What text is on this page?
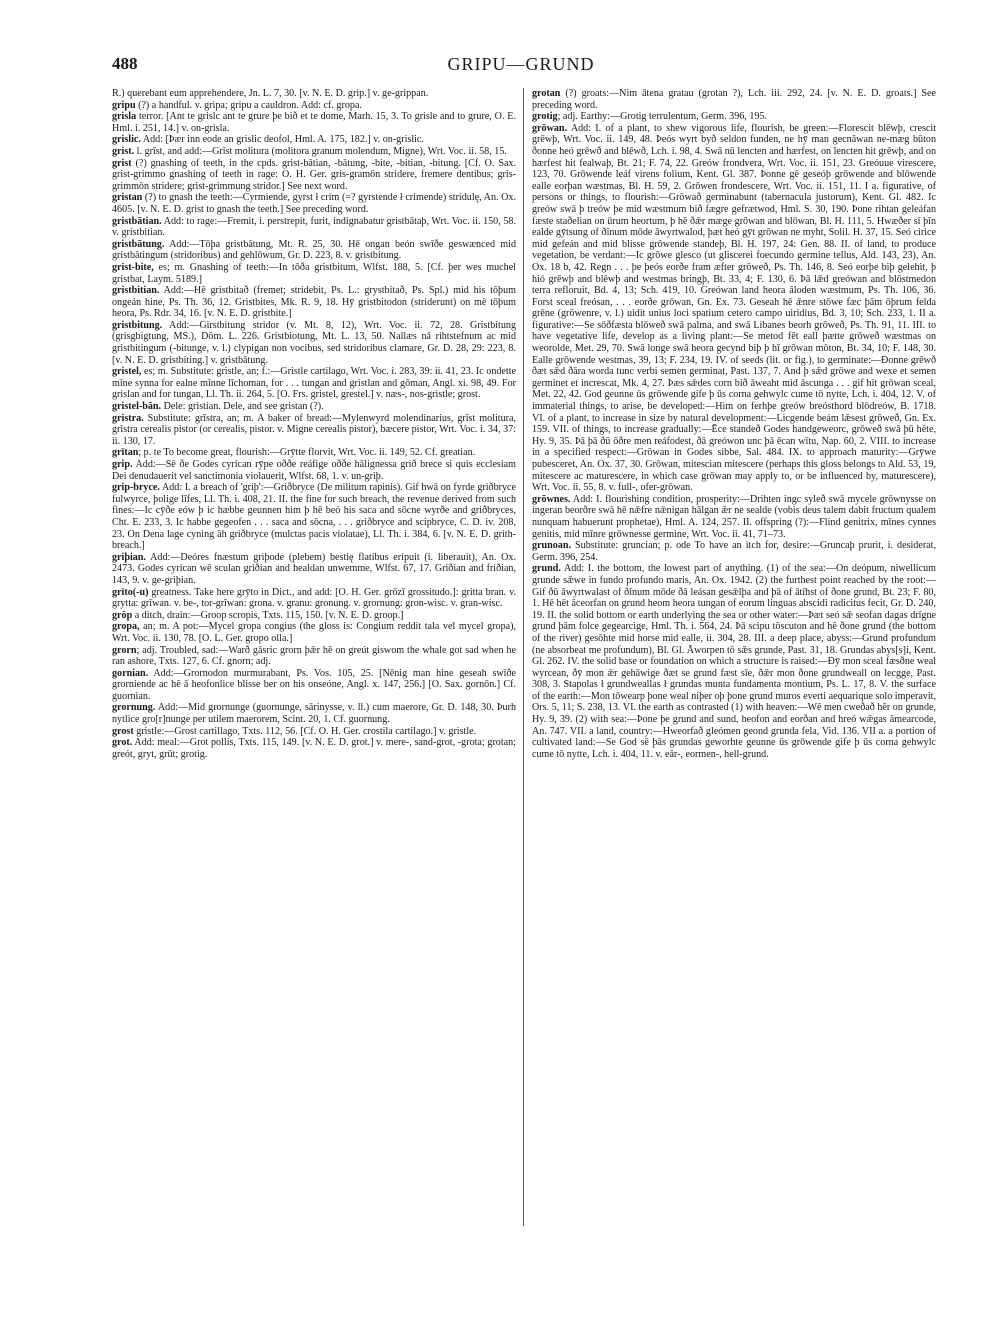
488	GRIPU—GRUND

R.) querebant eum apprehendere, Jn. L. 7, 30. [v. N. E. D. grip.] v. ge-grippan.

gripu (?) a handful. v. gripa; gripu a cauldron. Add: cf. gropa.

grisla terror. [Ant te grislc ant te grure þe bið et te dome, Marh. 15, 3. To grisle and to grure, O. E. Hml. i. 251, 14.] v. on-grisla.

grislic. Add: [Þær inn eode an grislic deofol, Hml. A. 175, 182.] v. on-grislic.

grist. l. grīst, and add:—Grīst molitura (molitora granum molendum, Migne), Wrt. Voc. ii. 58, 15.

grist (?) gnashing of teeth, in the cpds. grist-bātian, -bātung, -bite, -bitian, -bitung. [Cf. O. Sax. grist-grimmo gnashing of teeth in rage: O. H. Ger. gris-gramōn stridere, fremere dentibus; gris-grimmōn stridere; grist-grimmung stridor.] See next word.

gristan (?) to gnash the teeth:—Cyrmiende, gyrst ł crim (=? gyrstende ł crimende) stridulę, An. Ox. 4605. [v. N. E. D. grist to gnash the teeth.] See preceding word.

gristbātian. Add: to rage:—Fremit, i. perstrepit, furit, indignabatur gristbātaþ, Wrt. Voc. ii. 150, 58. v. gristbitian.

gristbātung. Add:—Tōþa gristbātung, Mt. R. 25, 30. Hē ongan beón swīðe geswænced mid gristbātingum (stridoribus) and gehlōwum, Gr. D. 223, 8. v. gristbitung.

grist-bite, es; m. Gnashing of teeth:—In tōða gristbitum, Wlfst. 188, 5. [Cf. þer wes muchel gristbat, Laym. 5189.]

gristbitian. Add:—Hē gristbitað (fremet; stridebit, Ps. L.: grystbitað, Ps. Spl.) mid his tōþum ongeán hine, Ps. Th. 36, 12. Gristbites, Mk. R. 9, 18. Hȳ gristbitodon (striderunt) on mē tōþum heora, Ps. Rdr. 34, 16. [v. N. E. D. gristbite.]

gristbitung. Add:—Girstbitung stridor (v. Mt. 8, 12), Wrt. Voc. ii. 72, 28. Gristbitung (grisgbigtung, MS.), Dōm. L. 226. Gristbiotung, Mt. L. 13, 50. Nallæs nā rihtstefnum ac mid gristbitingum (-bitunge, v. l.) clypigan non vocibus, sed stridoribus clamare, Gr. D. 28, 29: 223, 8. [v. N. E. D. gristbiting.] v. gristbātung.

gristel, es; m. Substitute: gristle, an; f.:—Gristle cartilago, Wrt. Voc. i. 283, 39: ii. 41, 23. Ic ondette mīne synna for ealne mīnne līchoman, for . . . tungan and gristlan and gōman, Angl. xi. 98, 49. For grislan and for tungan, Ll. Th. ii. 264, 5. [O. Frs. gristel, grestel.] v. næs-, nos-gristle; grost.

gristel-bān. Dele: gristian. Dele, and see gristan (?).

gristra. Substitute: grīstra, an; m. A baker of bread:—Mylenwyrd molendinarius, grīst molitura, grīstra cerealis pistor (or cerealis, pistor. v. Migne cerealis pistor), bæcere pistor, Wrt. Voc. i. 34, 37: ii. 130, 17.

grītan; p. te To become great, flourish:—Grȳtte florvit, Wrt. Voc. ii. 149, 52. Cf. greatian.

grip. Add:—Sē ðe Godes cyrican rȳpe oððe reáfige oððe hālignessa grið brece si quis ecclesiam Dei denudauerit vel sanctimonia violauerit, Wlfst. 68, 1. v. un-griþ.

grip-bryce. Add: I. a breach of 'griþ':—Griðbryce (De militum rapinis). Gif hwā on fyrde griðbryce fulwyrce, þolige līfes, Ll. Th. i. 408, 21. II. the fine for such breach, the revenue derived from such fines:—Ic cȳðe eów þ ic hæbbe geunnen him þ hē beó his saca and sōcne wyrðe and griðbryces, Cht. E. 233, 3. Ic habbe gegeofen . . . saca and sōcna, . . . griðbryce and scipbryce, C. D. iv. 208, 23. On Dena lage cyning āh griðbryce (mulctas pacis violatae), Ll. Th. i. 384, 6. [v. N. E. D. grith-breach.]

griþian. Add:—Deóres fnæstum griþode (plebem) bestię flatibus eripuit (i. liberauit), An. Ox. 2473. Godes cyrican wē sculan griðian and healdan unwemme, Wlfst. 67, 17. Griðian and friðian, 143, 9. v. ge-griþian.

grīto(-u) greatness. Take here grȳto in Dict., and add: [O. H. Ger. grōzī grossitudo.]: gritta bran. v. grytta: grīwan. v. be-, tor-grīwan: grona. v. granu: gronung. v. grornung: gron-wisc. v. gran-wisc.

grōp a ditch, drain:—Groop scropis, Txts. 115, 150. [v. N. E. D. groop.]

gropa, an; m. A pot:—Mycel gropa congius (the gloss is: Congium reddit tala vel mycel gropa), Wrt. Voc. ii. 130, 78. [O. L. Ger. gropo olla.]

grorn; adj. Troubled, sad:—Warð gāsric grorn þǣr hē on greút giswom the whale got sad when he ran ashore, Txts. 127, 6. Cf. gnorn; adj.

gornian. Add:—Grornodon murmurabant, Ps. Vos. 105, 25. [Nēnig man hine geseah swīðe grorniende ac hē ā heofonlice blisse ber on his onseóne, Angl. x. 147, 256.] [O. Sax. gornōn.] Cf. guornian.

grornung. Add:—Mid grornunge (guornunge, sārinysse, v. ll.) cum maerore, Gr. D. 148, 30. Þurh nytlice gro[r]nunge per utilem maerorem, Scint. 20, 1. Cf. guornung.

grost gristle:—Grost cartillago, Txts. 112, 56. [Cf. O. H. Ger. crostila cartilago.] v. gristle.

grot. Add: meal:—Grot pollis, Txts. 115, 149. [v. N. E. D. grot.] v. mere-, sand-grot, -grota; grotan; greót, gryt, grūt; grotig.

grotan (?) groats:—Nim ātena gratau (grotan ?), Lch. iii. 292, 24. [v. N. E. D. groats.] See preceding word.

grotig; adj. Earthy:—Grotig terrulentum, Germ. 396, 195.

grōwan. Add: I. of a plant, to shew vigorous life, flourish, be green:—Florescit blēwþ, crescit grēwþ, Wrt. Voc. ii. 149, 48. Þeós wyrt byð seldon funden, ne hȳ man gecnāwan ne-mæg būton ðonne heó grēwð and blēwð, Lch. i. 98, 4. Swā nū lencten and hærfest, on lencten hit grēwþ, and on hærfest hit fealwaþ, Bt. 21; F. 74, 22. Greów frondvera, Wrt. Voc. ii. 151, 23. Greóuue virescere, 123, 70. Grōwende leáf virens folium, Kent. Gl. 387. Þonne gē geseóþ grōwende and blōwende ealle eorþan wæstmas, Bl. H. 59, 2. Grōwen frondescere, Wrt. Voc. ii. 151, 11. I a. figurative, of persons or things, to flourish:—Grōwað germinabunt (tabernacula justorum), Kent. Gl. 482. Ic greów swā þ treów þe mid wæstmum bið fægre gefrætwod, Hml. S. 30, 190. Þone rihtan geleáfan fæste staðelian on ūrum heortum, þ hē ðǣr mæge grōwan and blōwan, Bl. H. 111, 5. Hwæðer sī þīn ealde gȳtsung of ðīnum mōde āwyrtwalod, þæt heó gȳt grōwan ne myht, Solil. H. 37, 15. Seó cirice mid gefeán and mid blisse grōwende standeþ, Bl. H. 197, 24: Gen. 88. II. of land, to produce vegetation, be verdant:—Ic grōwe glesco (ut gliscerei foecundo germine tellus, Ald. 143, 23), An. Ox. 18 b, 42. Regn . . . þe þeós eorðe fram æfter grōweð, Ps. Th. 146, 8. Seó eorþe biþ gelehit, þ hió grēwþ and blēwþ and westmas bringþ, Bt. 33, 4; F. 130, 6. Þā lǣd greówan and blōstmedon terra refloruit, Bd. 4, 13; Sch. 419, 10. Greówan land heora āloden wæstmum, Ps. Th. 106, 36. Forst sceal freósan, . . . eorðe grōwan, Gn. Ex. 73. Geseah hē ǣnre stōwe fæc þām ōþrum felda grēne (grōwenre, v. l.) uidit unius loci spatium cetero campo uiridius, Bd. 3, 10; Sch. 233, 1. II a. figurative:—Se sōðfæsta blōweð swā palma, and swā Libanes beorh grōweð, Ps. Th. 91, 11. III. to have vegetative life, develop as a living plant:—Se metod fēt eall þætte grōweð wæstmas on weorolde, Met. 29, 70. Swā longe swā heora gecynd biþ þ hī grōwan mōton, Bt. 34, 10; F. 148, 30. Ealle grōwende westmas, 39, 13; F. 234, 19. IV. of seeds (lit. or fig.), to germinate:—Ðonne grēwð ðæt sǣd ðāra worda tunc verbi semen germinat, Past. 137, 7. And þ sǣd grōwe and wexe et semen germinet et increscat, Mk. 4, 27. Þæs sǣdes corn bið āweaht mid āscunga . . . gif hit grōwan sceal, Met. 22, 42. God geunne ūs grōwende gife þ ūs corna gehwylc cume tō nytte, Lch. i. 404, 12. V. of immaterial things, to arise, be developed:—Him on ferhþe greów breósthord blōdreów, B. 1718. VI. of a plant, to increase in size by natural development:—Licgende beám lǣsest grōweð, Gn. Ex. 159. VII. of things, to increase gradually:—Ēce standeð Godes handgeweorc, grōweð swā þū hēte, Hy. 9, 35. Þā þā ðū ōðre men reáfodest, ðā greówon unc þā ēcan wītu, Nap. 60, 2. VIII. to increase in a specified respect:—Grōwan in Godes sibbe, Sal. 484. IX. to approach maturity:—Grȳwe pubesceret, An. Ox. 37, 30. Grōwan, mitescian mitescere (perhaps this gloss belongs to Ald. 53, 19, mitescere ac maturescere, in which case grōwan may apply to, or be influenced by, maturescere), Wrt. Voc. ii. 55, 8. v. full-, ofer-grōwan.

grōwnes. Add: I. flourishing condition, prosperity:—Drihten ingc syleð swā mycele grōwnysse on ingeran beorðre swā hē nǣfre nǣnigan hālgan ǣr ne sealde (vobis deus talem dabit fructum qualem nunquam habuerunt prophetae), Hml. A. 124, 257. II. offspring (?):—Flind genitrix, mīnes cynnes genitis, mid mīnre grōwnesse germine, Wrt. Voc. ii. 41, 71–73.

grunoan. Substitute: gruncian; p. ode To have an itch for, desire:—Gruncaþ prurit, i. desiderat, Germ. 396, 254.

grund. Add: I. the bottom, the lowest part of anything. (1) of the sea:—On deópum, niwellicum grunde sǣwe in fundo profundo maris, An. Ox. 1942. (2) the furthest point reached by the root:—Gif ðū āwyrtwalast of ðīnum mōde ðā leásan gesǣlþa and þā of ātīhst of ðone grund, Bt. 23; F. 80, 1. Hē hēt āceorfan on grund heom heora tungan of eorum linguas abscidi radicitus fecit, Gr. D. 240, 19. II. the solid bottom or earth underlying the sea or other water:—Þæt seó sǣ seofan dagas drīgne grund þām folce gegearcige, Hml. Th. i. 564, 24. Þā scipu tōscuton and hē ðone grund (the bottom of the river) gesōhte mid horse mid ealle, ii. 304, 28. III. a deep place, abyss:—Grund profundum (ne absorbeat me profundum), Bl. Gl. Āworpen tō sǣs grunde, Past. 31, 18. Grundas abys[s]i, Kent. Gl. 262. IV. the solid base or foundation on which a structure is raised:—Ðȳ mon sceal fæsðne weal wyrcean, ðȳ mon ǣr gehāwige ðæt se grund fæst sīe, ðǣr mon ðone grundweall on lecgge, Past. 308, 3. Stapolas ł grundweallas ł grundas munta fundamenta montium, Ps. L. 17, 8. V. the surface of the earth:—Mon tōwearp þone weal niþer oþ þone grund muros everti aequarique solo imperavit, Ors. 5, 11; S. 238, 13. VI. the earth as contrasted (1) with heaven:—Wē men cweðað hēr on grunde, Hy. 9, 39. (2) with sea:—Þone þe grund and sund, heofon and eorðan and hreó wǣgas āmearcode, An. 747. VII. a land, country:—Hweorfað gleómen geond grunda fela, Vid. 136. VII a. a portion of cultivated land:—Se God sē þās grundas geworhte geunne ūs grōwende gife þ ūs corna gehwylc cume tō nytte, Lch. i. 404, 11. v. eār-, eormen-, hell-grund.
